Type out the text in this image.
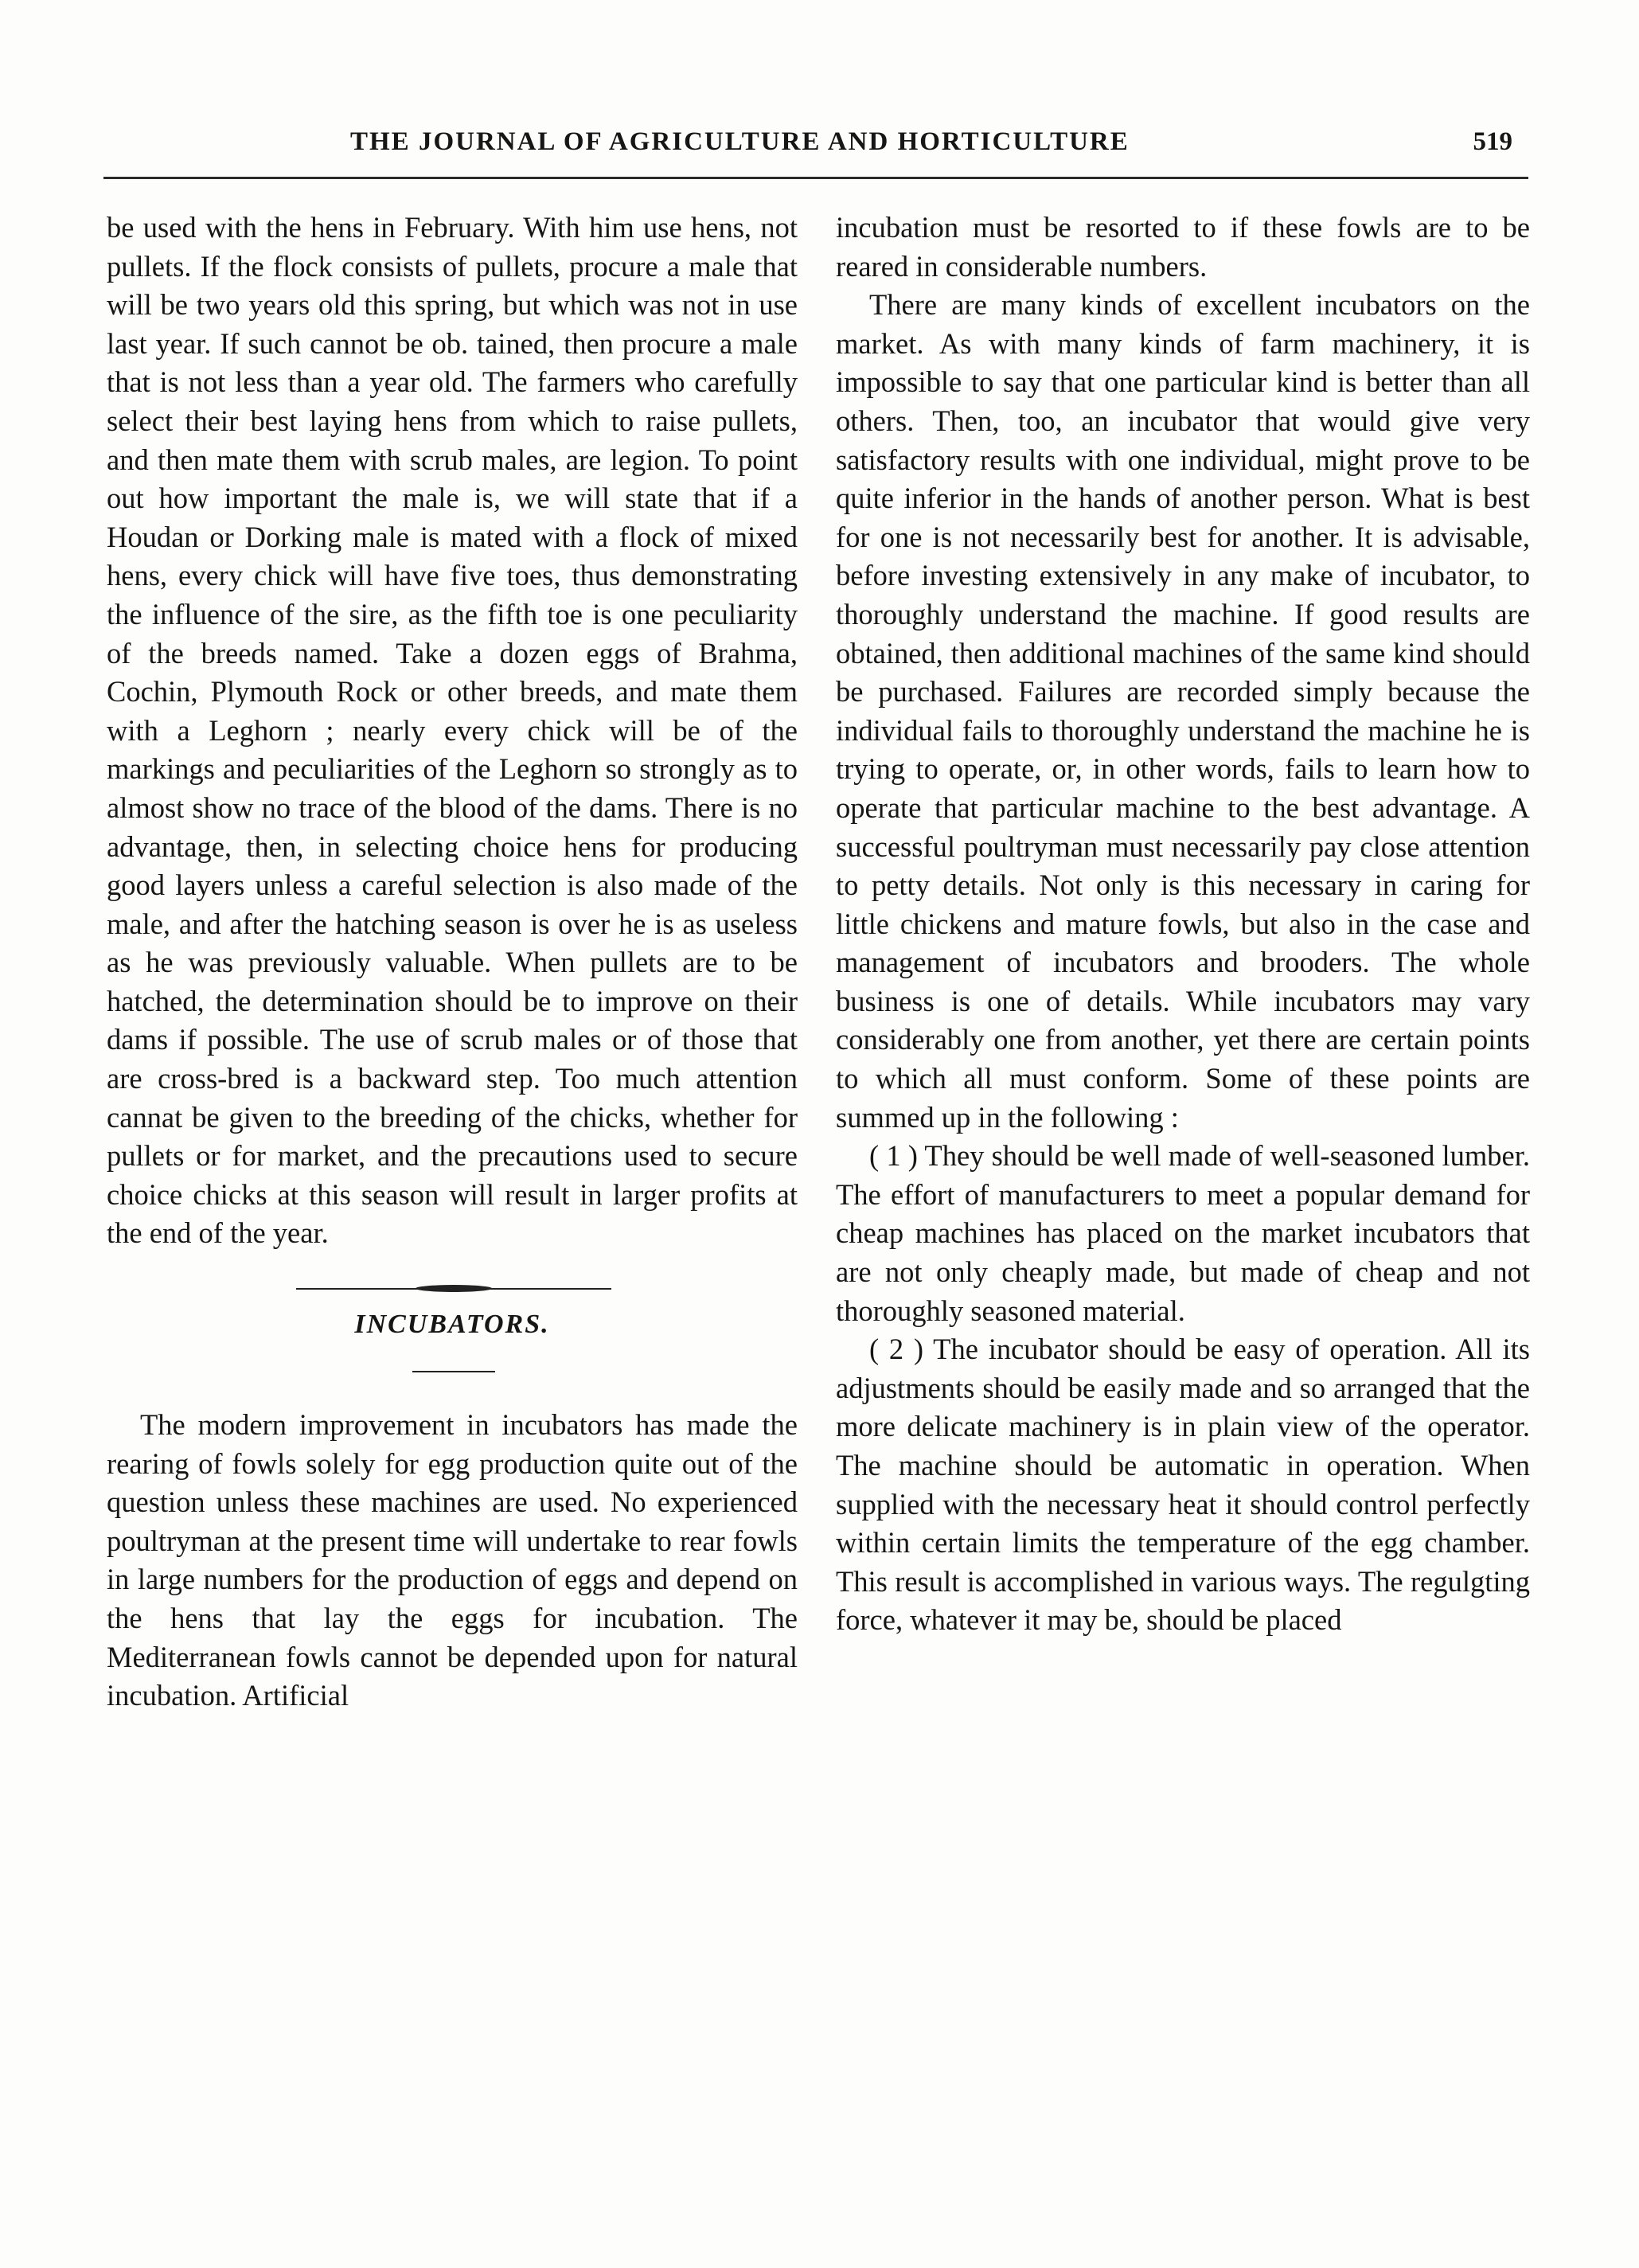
THE JOURNAL OF AGRICULTURE AND HORTICULTURE	519

be used with the hens in February. With him use hens, not pullets. If the flock consists of pullets, procure a male that will be two years old this spring, but which was not in use last year. If such cannot be ob. tained, then procure a male that is not less than a year old. The farmers who carefully select their best laying hens from which to raise pullets, and then mate them with scrub males, are legion. To point out how important the male is, we will state that if a Houdan or Dorking male is mated with a flock of mixed hens, every chick will have five toes, thus demonstrating the influence of the sire, as the fifth toe is one peculiarity of the breeds named. Take a dozen eggs of Brahma, Cochin, Plymouth Rock or other breeds, and mate them with a Leghorn ; nearly every chick will be of the markings and peculiarities of the Leghorn so strongly as to almost show no trace of the blood of the dams. There is no advantage, then, in selecting choice hens for producing good layers unless a careful selection is also made of the male, and after the hatching season is over he is as useless as he was previously valuable. When pullets are to be hatched, the determination should be to improve on their dams if possible. The use of scrub males or of those that are cross-bred is a backward step. Too much attention cannat be given to the breeding of the chicks, whether for pullets or for market, and the precautions used to secure choice chicks at this season will result in larger profits at the end of the year.

INCUBATORS.

The modern improvement in incubators has made the rearing of fowls solely for egg production quite out of the question unless these machines are used. No experienced poultryman at the present time will undertake to rear fowls in large numbers for the production of eggs and depend on the hens that lay the eggs for incubation. The Mediterranean fowls cannot be depended upon for natural incubation. Artificial

incubation must be resorted to if these fowls are to be reared in considerable numbers.

There are many kinds of excellent incubators on the market. As with many kinds of farm machinery, it is impossible to say that one particular kind is better than all others. Then, too, an incubator that would give very satisfactory results with one individual, might prove to be quite inferior in the hands of another person. What is best for one is not necessarily best for another. It is advisable, before investing extensively in any make of incubator, to thoroughly understand the machine. If good results are obtained, then additional machines of the same kind should be purchased. Failures are recorded simply because the individual fails to thoroughly understand the machine he is trying to operate, or, in other words, fails to learn how to operate that particular machine to the best advantage. A successful poultryman must necessarily pay close attention to petty details. Not only is this necessary in caring for little chickens and mature fowls, but also in the case and management of incubators and brooders. The whole business is one of details. While incubators may vary considerably one from another, yet there are certain points to which all must conform. Some of these points are summed up in the following :

( 1 ) They should be well made of well-seasoned lumber. The effort of manufacturers to meet a popular demand for cheap machines has placed on the market incubators that are not only cheaply made, but made of cheap and not thoroughly seasoned material.

( 2 ) The incubator should be easy of operation. All its adjustments should be easily made and so arranged that the more delicate machinery is in plain view of the operator. The machine should be automatic in operation. When supplied with the necessary heat it should control perfectly within certain limits the temperature of the egg chamber. This result is accomplished in various ways. The regulgting force, whatever it may be, should be placed
